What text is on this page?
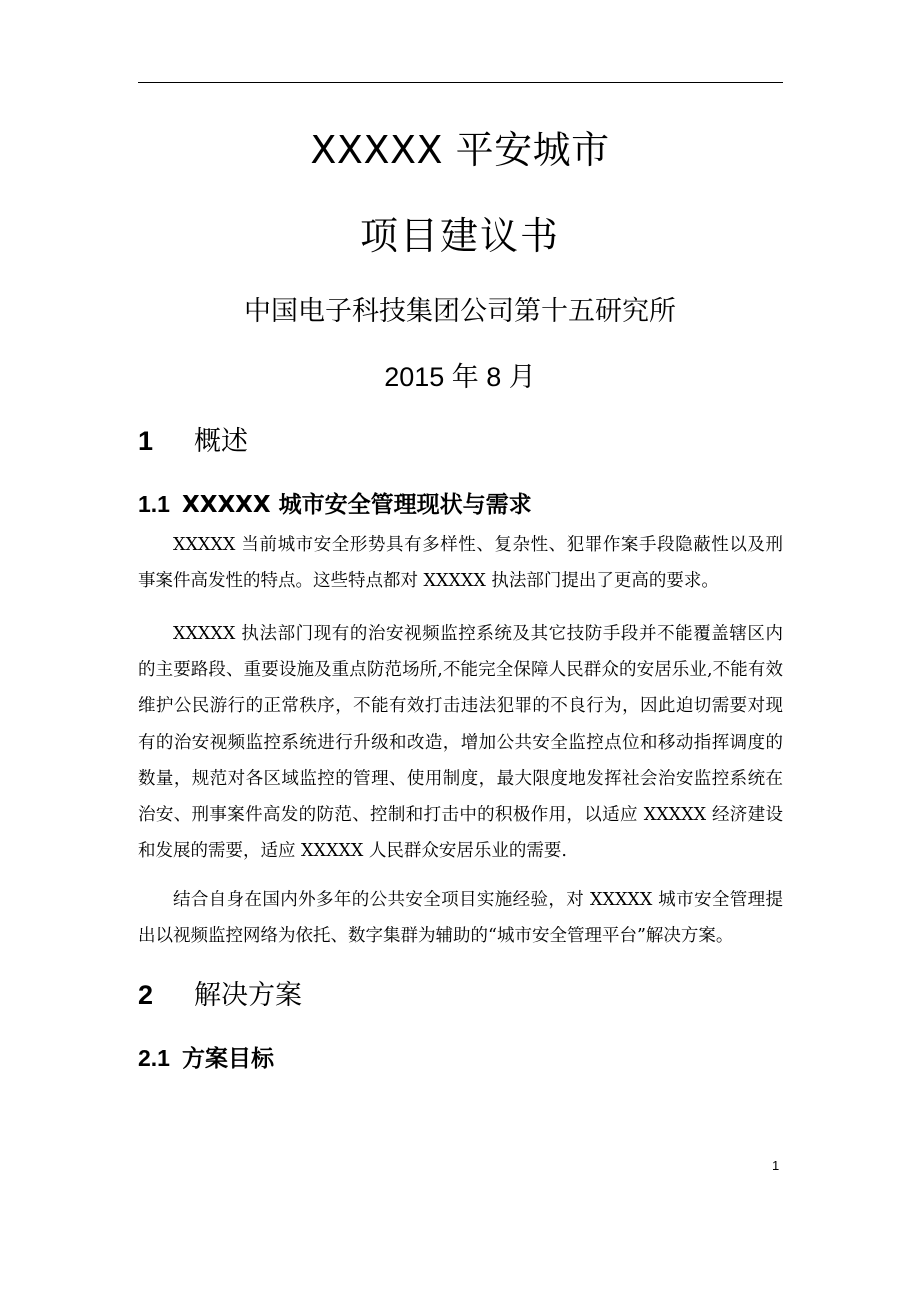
XXXXX 平安城市
项目建议书
中国电子科技集团公司第十五研究所
2015 年 8 月
1 概述
1.1 XXXXX 城市安全管理现状与需求

XXXXX 当前城市安全形势具有多样性、复杂性、犯罪作案手段隐蔽性以及刑事案件高发性的特点。这些特点都对 XXXXX 执法部门提出了更高的要求。

XXXXX 执法部门现有的治安视频监控系统及其它技防手段并不能覆盖辖区内的主要路段、重要设施及重点防范场所,不能完全保障人民群众的安居乐业,不能有效维护公民游行的正常秩序，不能有效打击违法犯罪的不良行为，因此迫切需要对现有的治安视频监控系统进行升级和改造，增加公共安全监控点位和移动指挥调度的数量，规范对各区域监控的管理、使用制度，最大限度地发挥社会治安监控系统在治安、刑事案件高发的防范、控制和打击中的积极作用，以适应 XXXXX 经济建设和发展的需要，适应 XXXXX 人民群众安居乐业的需要.

结合自身在国内外多年的公共安全项目实施经验，对 XXXXX 城市安全管理提出以视频监控网络为依托、数字集群为辅助的“城市安全管理平台”解决方案。

2 解决方案
2.1 方案目标
1
